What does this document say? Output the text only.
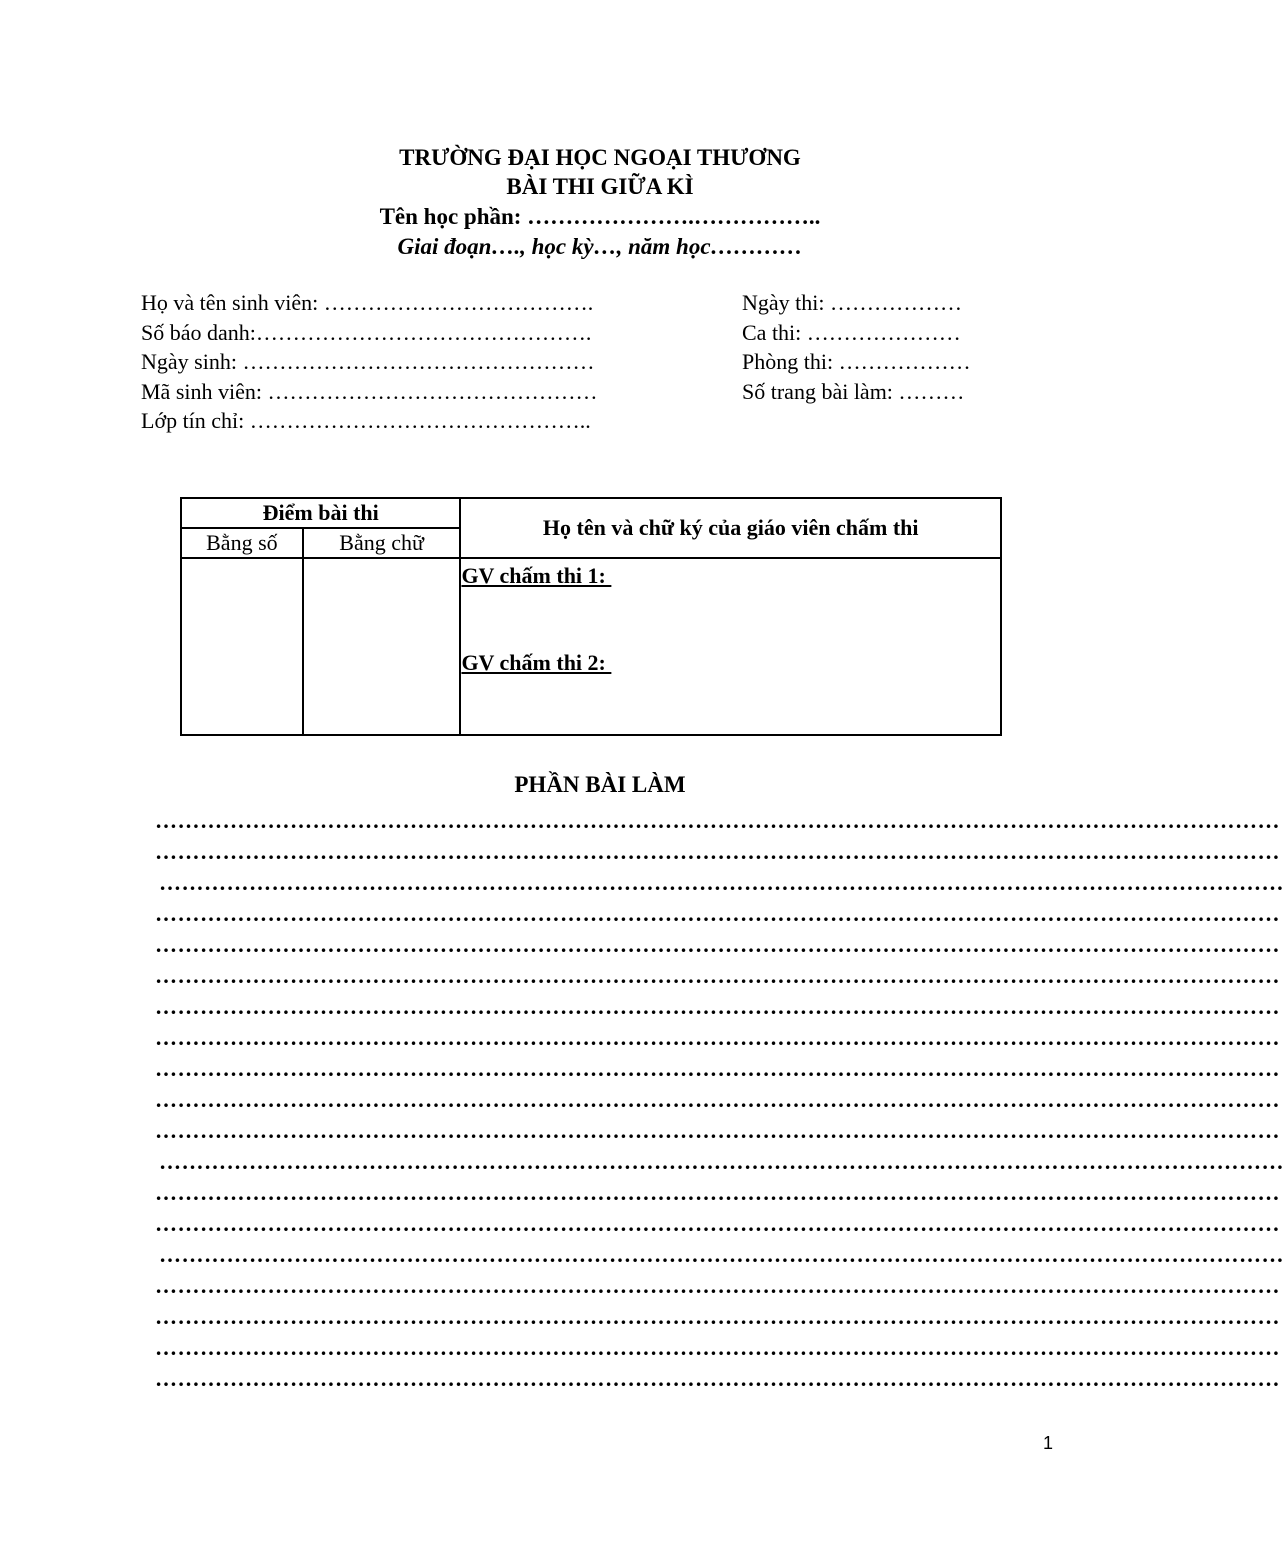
TRƯỜNG ĐẠI HỌC NGOẠI THƯƠNG
BÀI THI GIỮA KÌ
Tên học phần: ………………….……………..
Giai đoạn…., học kỳ…, năm học…………
Họ và tên sinh viên: ……………………………….
Số báo danh:……………………………………….
Ngày sinh: …………………………………………
Mã sinh viên: ………………………………………
Lớp tín chỉ: ………………………………………..
Ngày thi: ………………
Ca thi: …………………
Phòng thi: ………………
Số trang bài làm: ………
Điểm bài thi		Họ tên và chữ ký của giáo viên chấm thi
Bằng số	Bằng chữ	

		GV chấm thi 1:
GV chấm thi 2:
PHẦN BÀI LÀM
……………………………………………………………………………………………………………………………………
……………………………………………………………………………………………………………………………………
……………………………………………………………………………………………………………………………………
……………………………………………………………………………………………………………………………………
……………………………………………………………………………………………………………………………………
……………………………………………………………………………………………………………………………………
……………………………………………………………………………………………………………………………………
……………………………………………………………………………………………………………………………………
……………………………………………………………………………………………………………………………………
……………………………………………………………………………………………………………………………………
……………………………………………………………………………………………………………………………………
……………………………………………………………………………………………………………………………………
……………………………………………………………………………………………………………………………………
……………………………………………………………………………………………………………………………………
……………………………………………………………………………………………………………………………………
……………………………………………………………………………………………………………………………………
……………………………………………………………………………………………………………………………………
……………………………………………………………………………………………………………………………………
……………………………………………………………………………………………………………………………………
1
